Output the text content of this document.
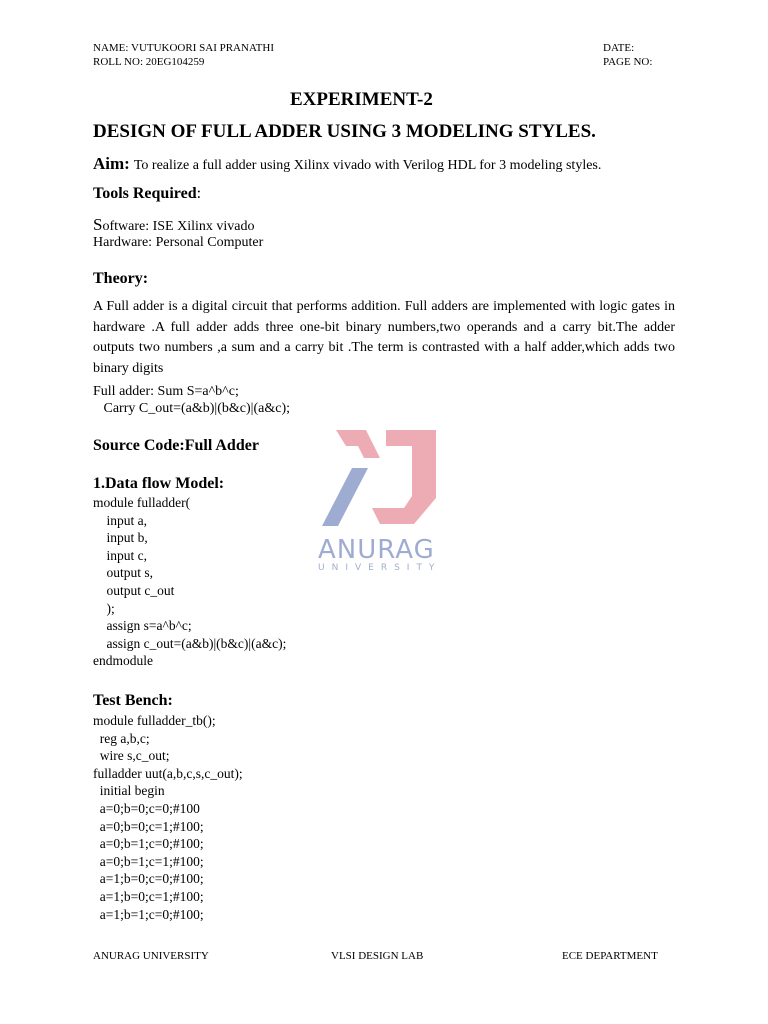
NAME: VUTUKOORI SAI PRANATHI
ROLL NO: 20EG104259
DATE:
PAGE NO:
ANURAG
UNIVERSITY
EXPERIMENT-2
DESIGN OF FULL ADDER USING 3 MODELING STYLES.
Aim: To realize a full adder using Xilinx vivado with Verilog HDL for 3 modeling styles.
Tools Required:
Software: ISE Xilinx vivado
Hardware: Personal Computer
Theory:
A Full adder is a digital circuit that performs addition. Full adders are implemented with logic gates in hardware .A full adder adds three one-bit binary numbers,two operands and a carry bit.The adder outputs two numbers ,a sum and a carry bit .The term is contrasted with a half adder,which adds two binary digits
Full adder: Sum S=a^b^c;
Carry C_out=(a&b)|(b&c)|(a&c);
Source Code:Full Adder
1.Data flow Model:
module fulladder(
input a,
input b,
input c,
output s,
output c_out
);
assign s=a^b^c;
assign c_out=(a&b)|(b&c)|(a&c);
endmodule
Test Bench:
module fulladder_tb();
reg a,b,c;
wire s,c_out;
fulladder uut(a,b,c,s,c_out);
initial begin
a=0;b=0;c=0;#100
a=0;b=0;c=1;#100;
a=0;b=1;c=0;#100;
a=0;b=1;c=1;#100;
a=1;b=0;c=0;#100;
a=1;b=0;c=1;#100;
a=1;b=1;c=0;#100;
ANURAG UNIVERSITY	VLSI DESIGN LAB	ECE DEPARTMENT
